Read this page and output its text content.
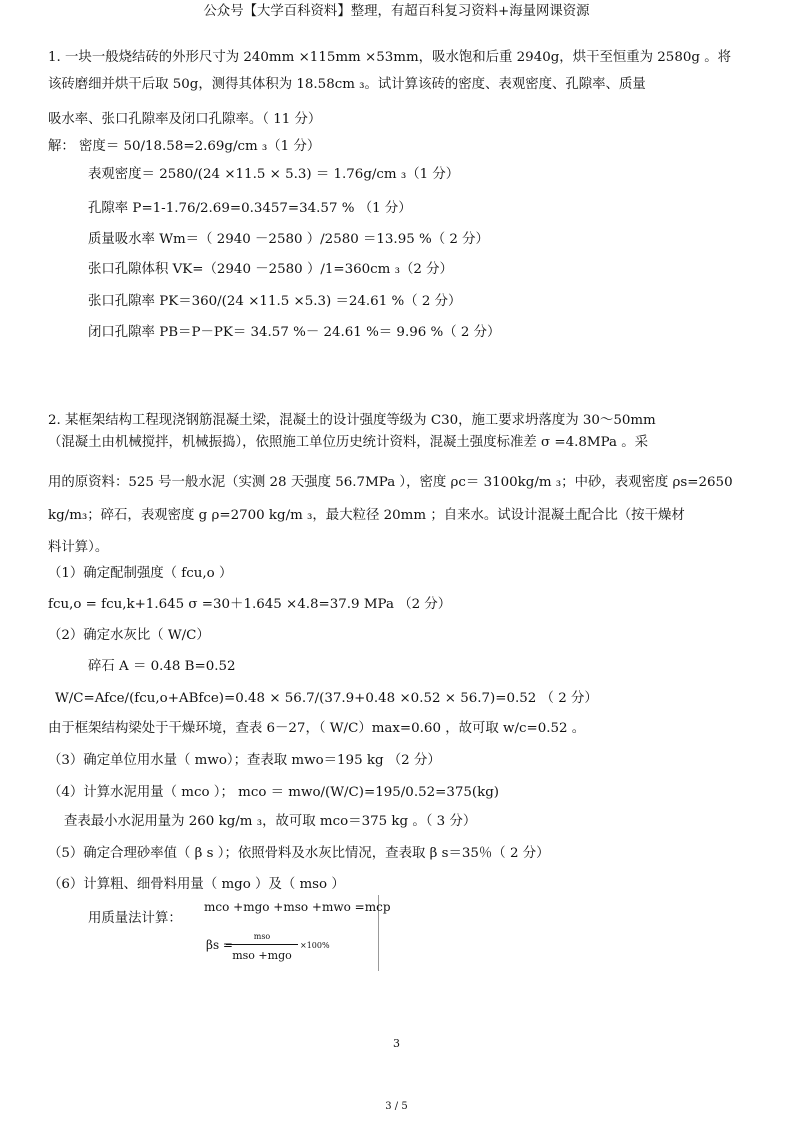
公众号【大学百科资料】整理，有超百科复习资料+海量网课资源
1. 一块一般烧结砖的外形尺寸为 240mm ×115mm ×53mm，吸水饱和后重 2940g，烘干至恒重为 2580g 。将
该砖磨细并烘干后取 50g，测得其体积为 18.58cm ₃。试计算该砖的密度、表观密度、孔隙率、质量
吸水率、张口孔隙率及闭口孔隙率。（ 11 分）
解： 密度＝ 50/18.58=2.69g/cm ₃（1 分）
表观密度＝ 2580/(24 ×11.5 × 5.3) ＝ 1.76g/cm ₃（1 分）
孔隙率 P=1-1.76/2.69=0.3457=34.57 % （1 分）
质量吸水率 Wm＝（ 2940 －2580 ）/2580 ＝13.95 %（ 2 分）
张口孔隙体积 VK=（2940 －2580 ）/1=360cm ₃（2 分）
张口孔隙率 PK＝360/(24 ×11.5 ×5.3) ＝24.61 %（ 2 分）
闭口孔隙率 PB＝P－PK＝ 34.57 %－ 24.61 %＝ 9.96 %（ 2 分）
2. 某框架结构工程现浇钢筋混凝土梁，混凝土的设计强度等级为 C30，施工要求坍落度为 30～50mm
（混凝土由机械搅拌，机械振捣），依照施工单位历史统计资料，混凝土强度标准差 σ =4.8MPa 。采
用的原资料：525 号一般水泥（实测 28 天强度 56.7MPa ），密度 ρc＝ 3100kg/m ₃；中砂，表观密度 ρs=2650
kg/m₃；碎石，表观密度 g ρ=2700 kg/m ₃，最大粒径 20mm ；自来水。试设计混凝土配合比（按干燥材
料计算）。
（1）确定配制强度（ fcu,o ）
fcu,o = fcu,k+1.645 σ =30＋1.645 ×4.8=37.9 MPa （2 分）
（2）确定水灰比（ W/C）
碎石 A ＝ 0.48 B=0.52
W/C=Afce/(fcu,o+ABfce)=0.48 × 56.7/(37.9+0.48 ×0.52 × 56.7)=0.52 （ 2 分）
由于框架结构梁处于干燥环境，查表 6－27，（ W/C）max=0.60 ，故可取 w/c=0.52 。
（3）确定单位用水量（ mwo）；查表取 mwo＝195 kg （2 分）
（4）计算水泥用量（ mco ）； mco ＝ mwo/(W/C)=195/0.52=375(kg)
查表最小水泥用量为 260 kg/m ₃，故可取 mco＝375 kg 。（ 3 分）
（5）确定合理砂率值（ β s ）；依照骨料及水灰比情况，查表取 β s＝35％（ 2 分）
（6）计算粗、细骨料用量（ mgo ）及（ mso ）
用质量法计算：
mco +mgo +mso +mwo =mcp
βs =
mso
mso +mgo
×100%
3
3 / 5
